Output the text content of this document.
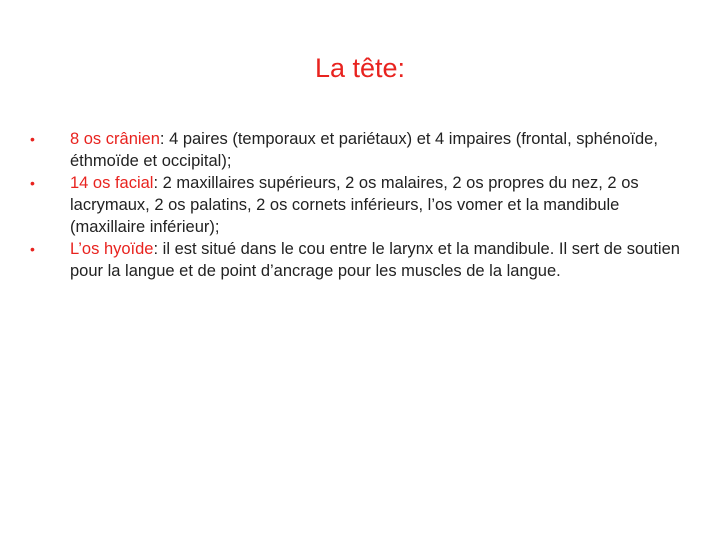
La tête:
•	8 os crânien: 4 paires (temporaux et pariétaux) et 4 impaires (frontal, sphénoïde, éthmoïde et occipital);
•	14 os facial: 2 maxillaires supérieurs, 2 os malaires, 2 os propres du nez, 2 os lacrymaux, 2 os palatins, 2 os cornets inférieurs, l’os vomer et la mandibule (maxillaire inférieur);
•	L’os hyoïde: il est situé dans le cou entre le larynx et la mandibule. Il sert de soutien pour la langue et de point d’ancrage pour les muscles de la langue.
